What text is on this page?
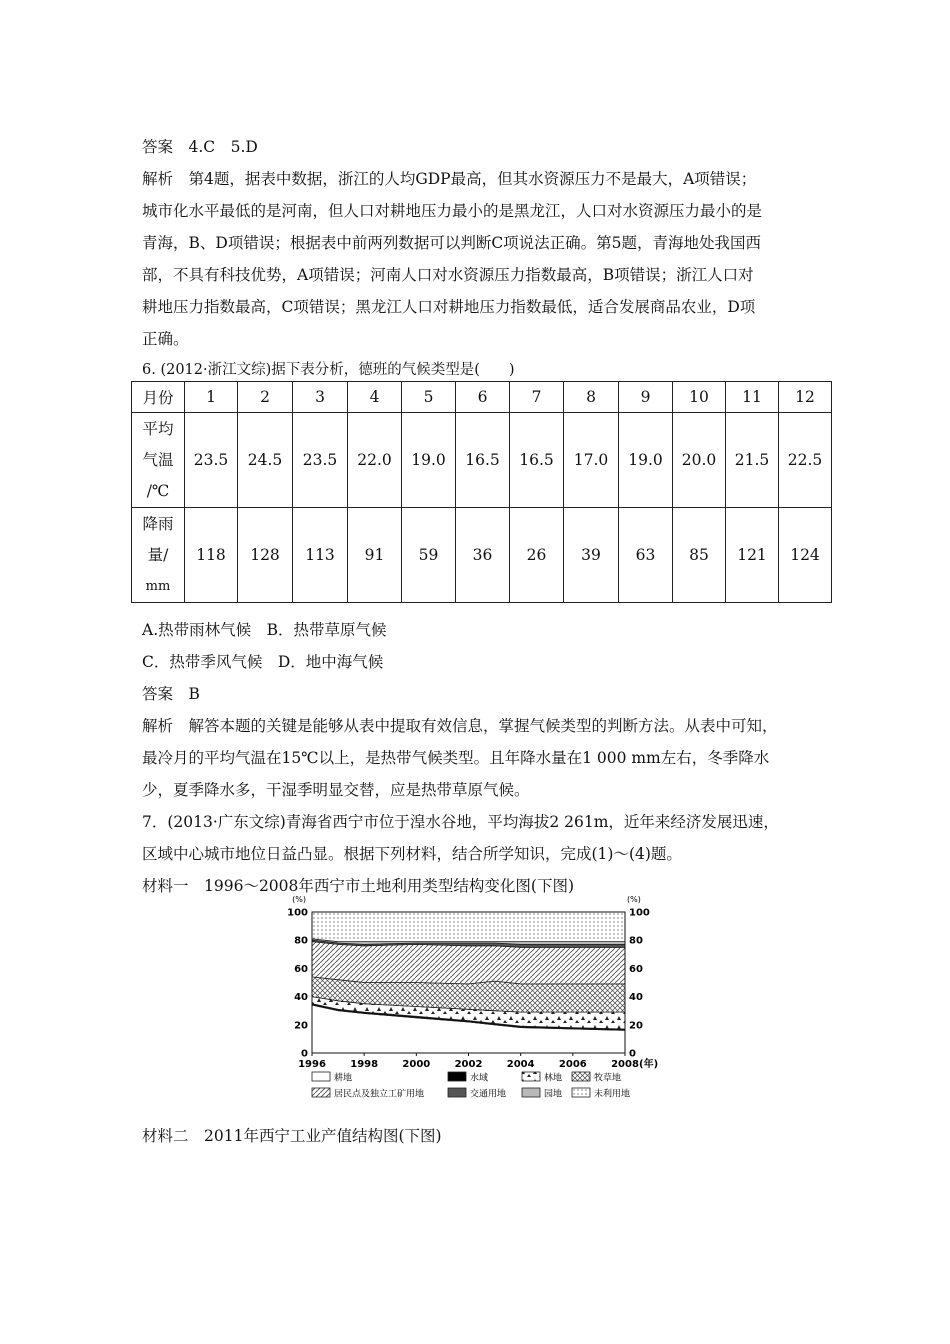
答案　4.C　5.D
解析　第4题，据表中数据，浙江的人均GDP最高，但其水资源压力不是最大，A项错误；
城市化水平最低的是河南，但人口对耕地压力最小的是黑龙江，人口对水资源压力最小的是
青海，B、D项错误；根据表中前两列数据可以判断C项说法正确。第5题，青海地处我国西
部，不具有科技优势，A项错误；河南人口对水资源压力指数最高，B项错误；浙江人口对
耕地压力指数最高，C项错误；黑龙江人口对耕地压力指数最低，适合发展商品农业，D项
正确。
6. (2012·浙江文综)据下表分析，德班的气候类型是(　　)
月份	1	2	3	4	5	6	7	8	9	10	11	12

平均
气温
/℃	23.5	24.5	23.5	22.0	19.0	16.5	16.5	17.0	19.0	20.0	21.5	22.5

降雨
量/
mm	118	128	113	91	59	36	26	39	63	85	121	124
A.热带雨林气候　B．热带草原气候
C．热带季风气候　D．地中海气候
答案　B
解析　解答本题的关键是能够从表中提取有效信息，掌握气候类型的判断方法。从表中可知，
最冷月的平均气温在15℃以上，是热带气候类型。且年降水量在1 000 mm左右，冬季降水
少，夏季降水多，干湿季明显交替，应是热带草原气候。
7．(2013·广东文综)青海省西宁市位于湟水谷地，平均海拔2 261m，近年来经济发展迅速，
区域中心城市地位日益凸显。根据下列材料，结合所学知识，完成(1)～(4)题。
材料一　1996～2008年西宁市土地利用类型结构变化图(下图)
0	0
20	20
40	40
60	60
80	80
100	100
(%)	(%)
1996 1998 2000 2002 2004 2006 2008 (年)
耕地	水域	林地	牧草地
居民点及独立工矿用地	交通用地	园地	未利用地
材料二　2011年西宁工业产值结构图(下图)
